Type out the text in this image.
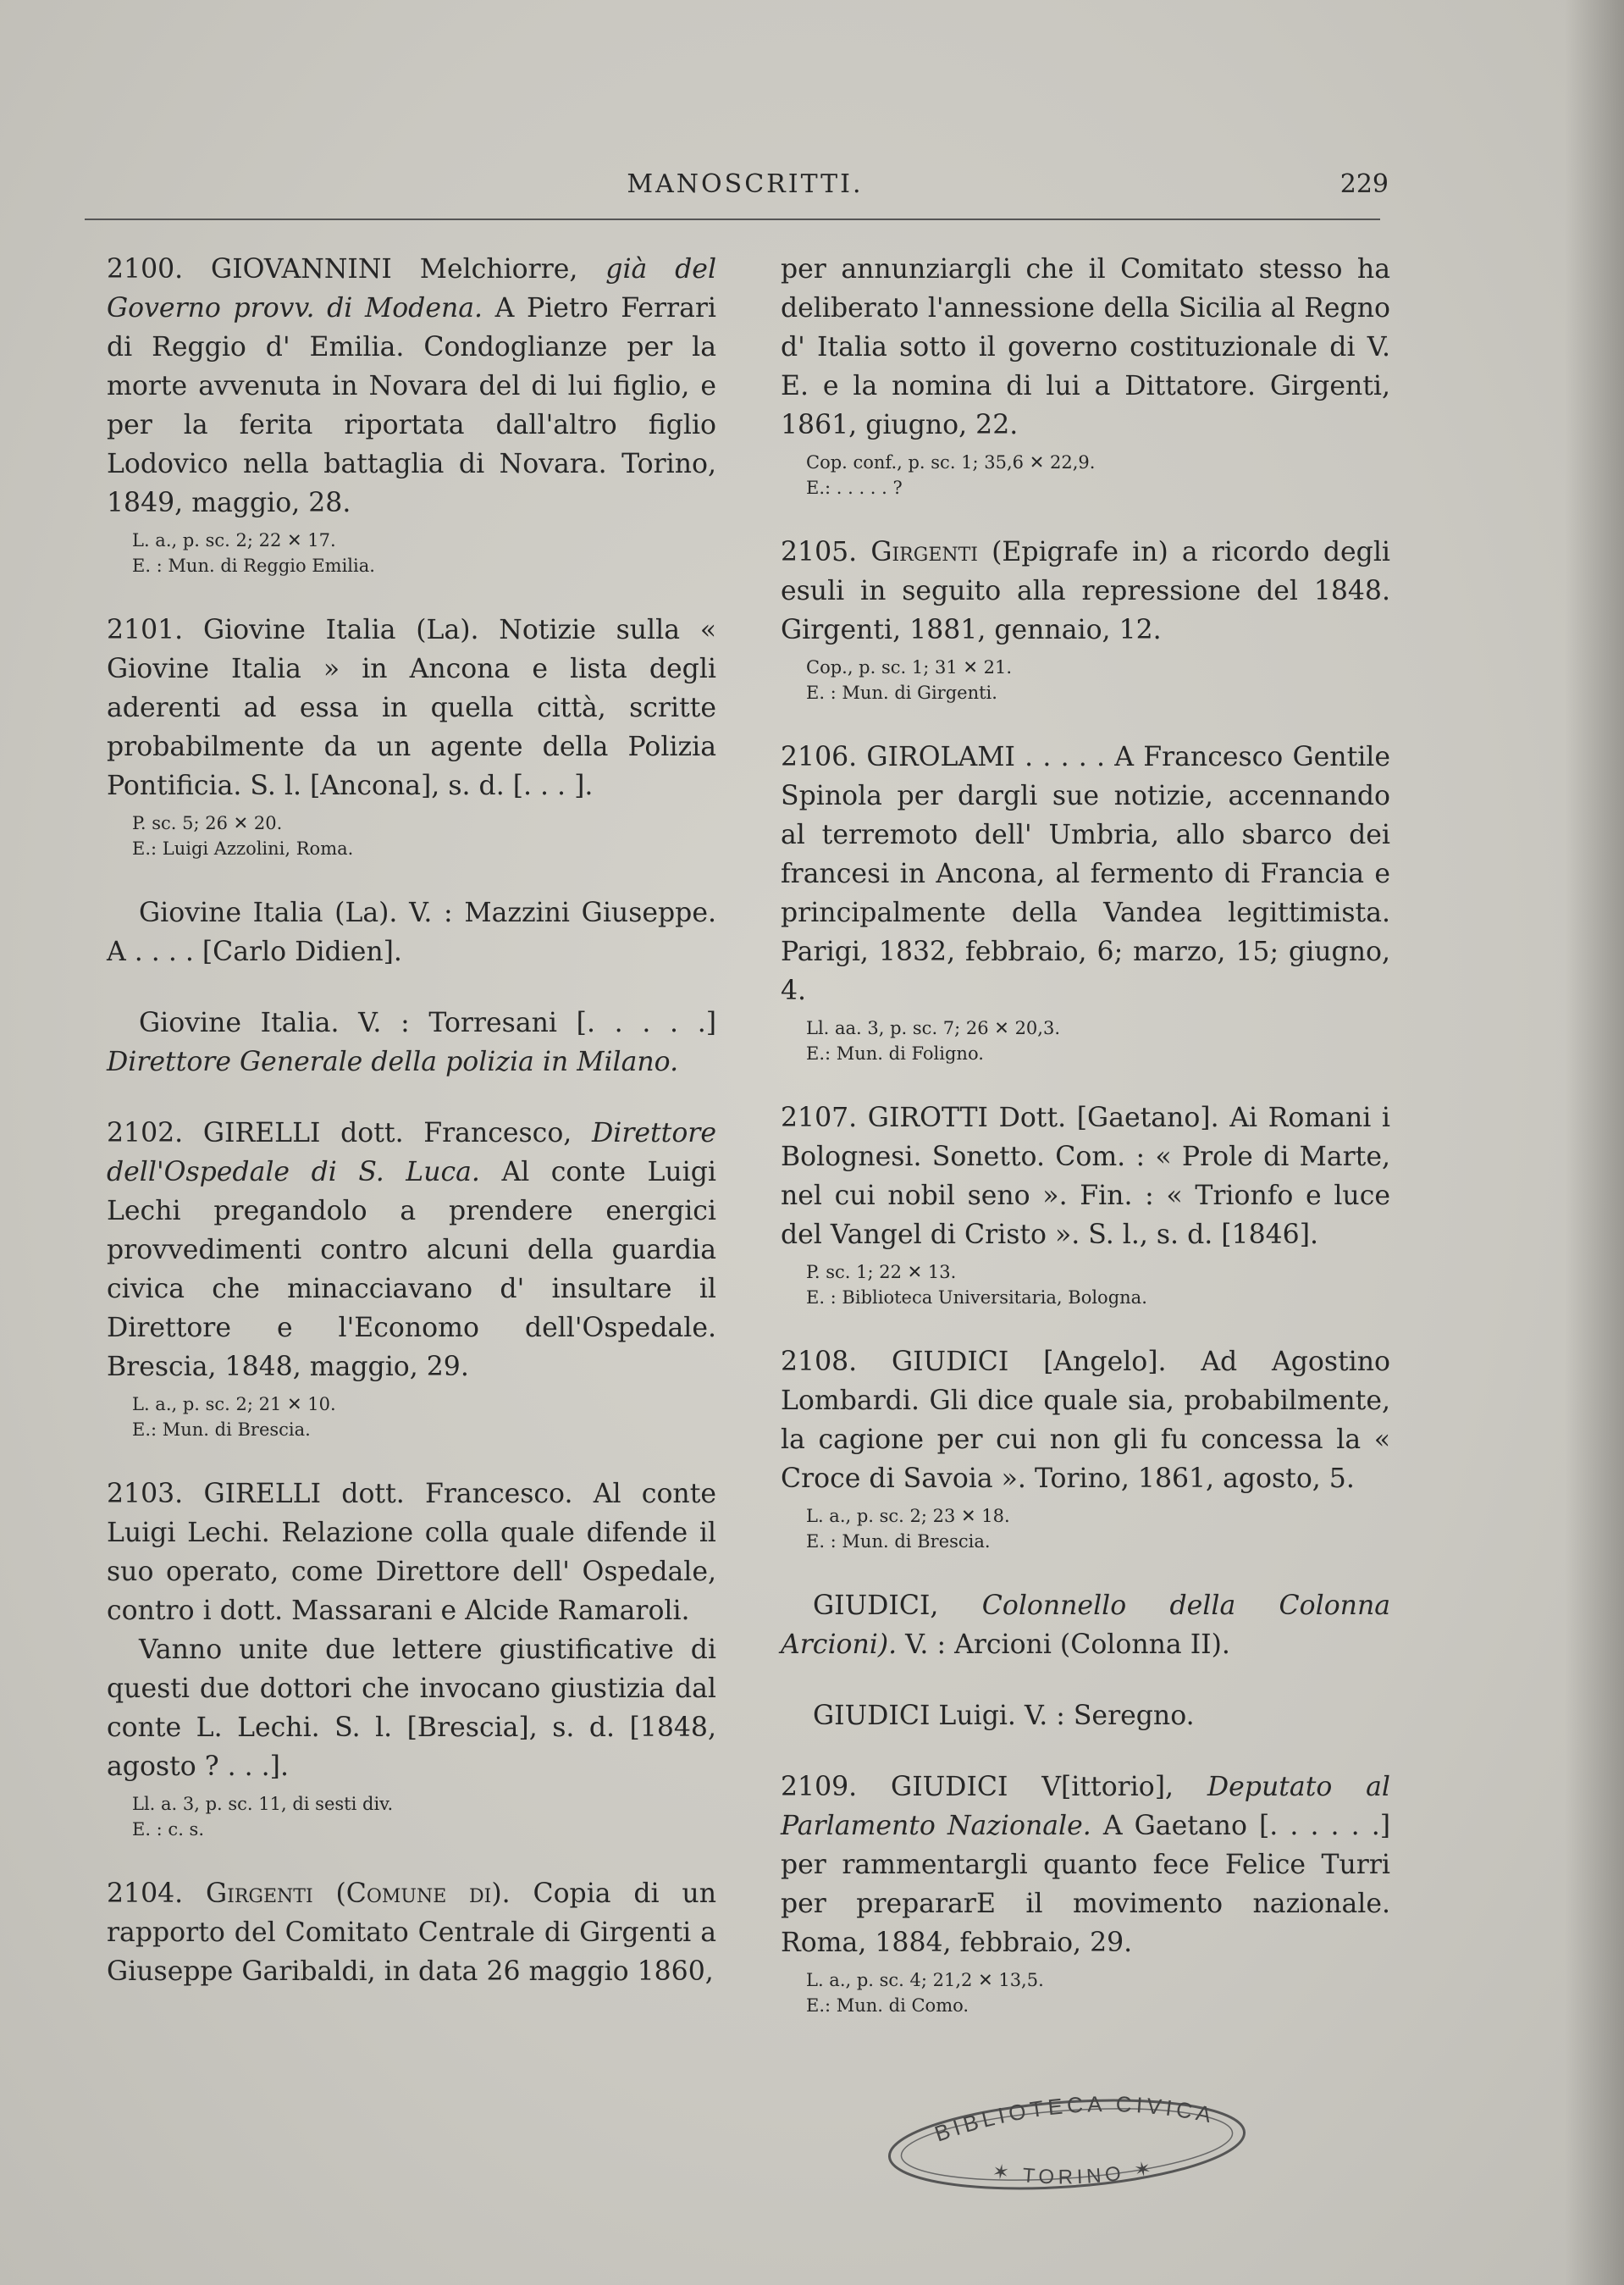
MANOSCRITTI.	229

2100. GIOVANNINI Melchiorre, già del Governo provv. di Modena. A Pietro Ferrari di Reggio d' Emilia. Condoglianze per la morte avvenuta in Novara del di lui figlio, e per la ferita riportata dall'altro figlio Lodovico nella battaglia di Novara. Torino, 1849, maggio, 28.

L. a., p. sc. 2; 22 ✕ 17.
E. : Mun. di Reggio Emilia.

2101. Giovine Italia (La). Notizie sulla « Giovine Italia » in Ancona e lista degli aderenti ad essa in quella città, scritte probabilmente da un agente della Polizia Pontificia. S. l. [Ancona], s. d. [. . . ].

P. sc. 5; 26 ✕ 20.
E.: Luigi Azzolini, Roma.

Giovine Italia (La). V. : Mazzini Giuseppe. A . . . . [Carlo Didien].

Giovine Italia. V. : Torresani [. . . . .] Direttore Generale della polizia in Milano.

2102. GIRELLI dott. Francesco, Direttore dell'Ospedale di S. Luca. Al conte Luigi Lechi pregandolo a prendere energici provvedimenti contro alcuni della guardia civica che minacciavano d' insultare il Direttore e l'Economo dell'Ospedale. Brescia, 1848, maggio, 29.

L. a., p. sc. 2; 21 ✕ 10.
E.: Mun. di Brescia.

2103. GIRELLI dott. Francesco. Al conte Luigi Lechi. Relazione colla quale difende il suo operato, come Direttore dell' Ospedale, contro i dott. Massarani e Alcide Ramaroli.

Vanno unite due lettere giustificative di questi due dottori che invocano giustizia dal conte L. Lechi. S. l. [Brescia], s. d. [1848, agosto ? . . .].

Ll. a. 3, p. sc. 11, di sesti div.
E. : c. s.

2104. Girgenti (Comune di). Copia di un rapporto del Comitato Centrale di Girgenti a Giuseppe Garibaldi, in data 26 maggio 1860,

per annunziargli che il Comitato stesso ha deliberato l'annessione della Sicilia al Regno d' Italia sotto il governo costituzionale di V. E. e la nomina di lui a Dittatore. Girgenti, 1861, giugno, 22.

Cop. conf., p. sc. 1; 35,6 ✕ 22,9.
E.: . . . . . ?

2105. Girgenti (Epigrafe in) a ricordo degli esuli in seguito alla repressione del 1848. Girgenti, 1881, gennaio, 12.

Cop., p. sc. 1; 31 ✕ 21.
E. : Mun. di Girgenti.

2106. GIROLAMI . . . . . A Francesco Gentile Spinola per dargli sue notizie, accennando al terremoto dell' Umbria, allo sbarco dei francesi in Ancona, al fermento di Francia e principalmente della Vandea legittimista. Parigi, 1832, febbraio, 6; marzo, 15; giugno, 4.

Ll. aa. 3, p. sc. 7; 26 ✕ 20,3.
E.: Mun. di Foligno.

2107. GIROTTI Dott. [Gaetano]. Ai Romani i Bolognesi. Sonetto. Com. : « Prole di Marte, nel cui nobil seno ». Fin. : « Trionfo e luce del Vangel di Cristo ». S. l., s. d. [1846].

P. sc. 1; 22 ✕ 13.
E. : Biblioteca Universitaria, Bologna.

2108. GIUDICI [Angelo]. Ad Agostino Lombardi. Gli dice quale sia, probabilmente, la cagione per cui non gli fu concessa la « Croce di Savoia ». Torino, 1861, agosto, 5.

L. a., p. sc. 2; 23 ✕ 18.
E. : Mun. di Brescia.

GIUDICI, Colonnello della Colonna Arcioni). V. : Arcioni (Colonna II).

GIUDICI Luigi. V. : Seregno.

2109. GIUDICI V[ittorio], Deputato al Parlamento Nazionale. A Gaetano [. . . . . .] per rammentargli quanto fece Felice Turri per prepararE il movimento nazionale. Roma, 1884, febbraio, 29.

L. a., p. sc. 4; 21,2 ✕ 13,5.
E.: Mun. di Como.
BIBLIOTECA CIVICA
✶ TORINO ✶
